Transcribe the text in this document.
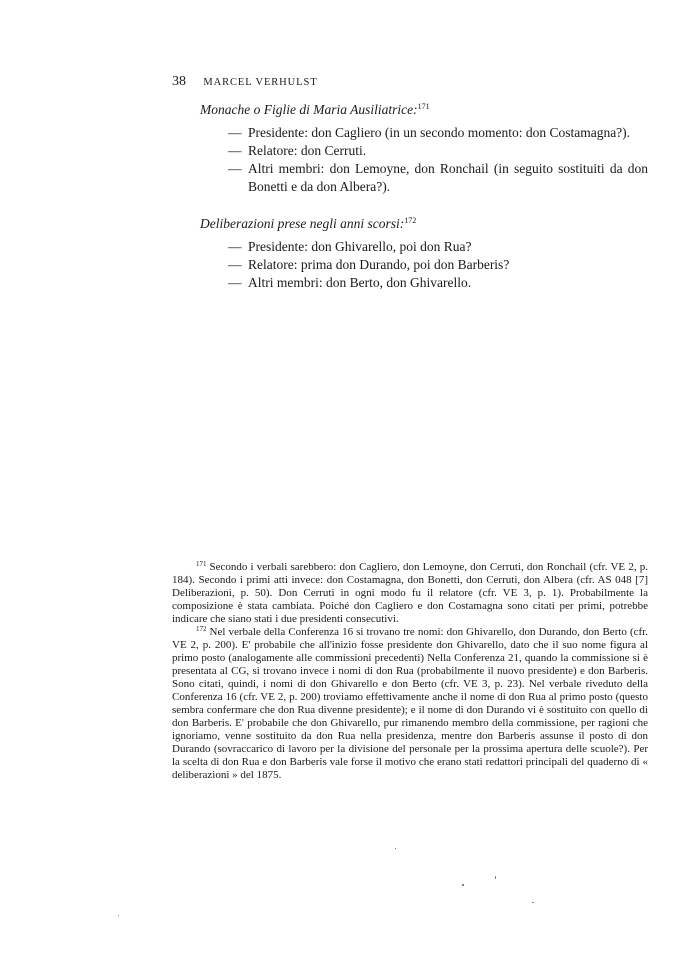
38 MARCEL VERHULST
Monache o Figlie di Maria Ausiliatrice:$^{171}$
— Presidente: don Cagliero (in un secondo momento: don Costamagna?).
— Relatore: don Cerruti.
— Altri membri: don Lemoyne, don Ronchail (in seguito sostituiti da don Bonetti e da don Albera?).
Deliberazioni prese negli anni scorsi:$^{172}$
— Presidente: don Ghivarello, poi don Rua?
— Relatore: prima don Durando, poi don Barberis?
— Altri membri: don Berto, don Ghivarello.

$^{171}$ Secondo i verbali sarebbero: don Cagliero, don Lemoyne, don Cerruti, don Ronchail (cfr. VE 2, p. 184). Secondo i primi atti invece: don Costamagna, don Bonetti, don Cerruti, don Albera (cfr. AS 048 [7] Deliberazioni, p. 50). Don Cerruti in ogni modo fu il relatore (cfr. VE 3, p. 1). Probabilmente la composizione è stata cambiata. Poiché don Cagliero e don Costamagna sono citati per primi, potrebbe indicare che siano stati i due presidenti consecutivi.

$^{172}$ Nel verbale della Conferenza 16 si trovano tre nomi: don Ghivarello, don Durando, don Berto (cfr. VE 2, p. 200). E' probabile che all'inizio fosse presidente don Ghivarello, dato che il suo nome figura al primo posto (analogamente alle commissioni precedenti) Nella Conferenza 21, quando la commissione si è presentata al CG, si trovano invece i nomi di don Rua (probabilmente il nuovo presidente) e don Barberis. Sono citati, quindi, i nomi di don Ghivarello e don Berto (cfr. VE 3, p. 23). Nel verbale riveduto della Conferenza 16 (cfr. VE 2, p. 200) troviamo effettivamente anche il nome di don Rua al primo posto (questo sembra confermare che don Rua divenne presidente); e il nome di don Durando vi è sostituito con quello di don Barberis. E' probabile che don Ghivarello, pur rimanendo membro della commissione, per ragioni che ignoriamo, venne sostituito da don Rua nella presidenza, mentre don Barberis assunse il posto di don Durando (sovraccarico di lavoro per la divisione del personale per la prossima apertura delle scuole?). Per la scelta di don Rua e don Barberis vale forse il motivo che erano stati redattori principali del quaderno di « deliberazioni » del 1875.
